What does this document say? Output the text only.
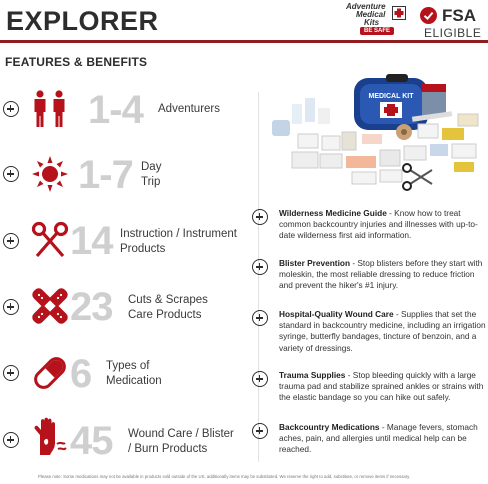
EXPLORER	Adventure
Medical
Kits
BE SAFE
FSA
ELIGIBLE
FEATURES & BENEFITS
1-4 Adventurers
1-7 Day
Trip
14 Instruction / Instrument
Products
23 Cuts & Scrapes
Care Products
6 Types of
Medication
45 Wound Care / Blister
/ Burn Products
MEDICAL KIT
Wilderness Medicine Guide - Know how to treat common backcountry injuries and illnesses with up-to-date wilderness first aid information.
Blister Prevention - Stop blisters before they start with moleskin, the most reliable dressing to reduce friction and prevent the hiker's #1 injury.
Hospital-Quality Wound Care - Supplies that set the standard in backcountry medicine, including an irrigation syringe, butterfly bandages, tincture of benzoin, and a variety of dressings.
Trauma Supplies - Stop bleeding quickly with a large trauma pad and stabilize sprained ankles or strains with the elastic bandage so you can hike out safely.
Backcountry Medications - Manage fevers, stomach aches, pain, and allergies until medical help can be reached.
Please note: Some medications may not be available in products sold outside of the US, additionally items may be substituted. We reserve the right to add, substitute, or remove items if necessary.
